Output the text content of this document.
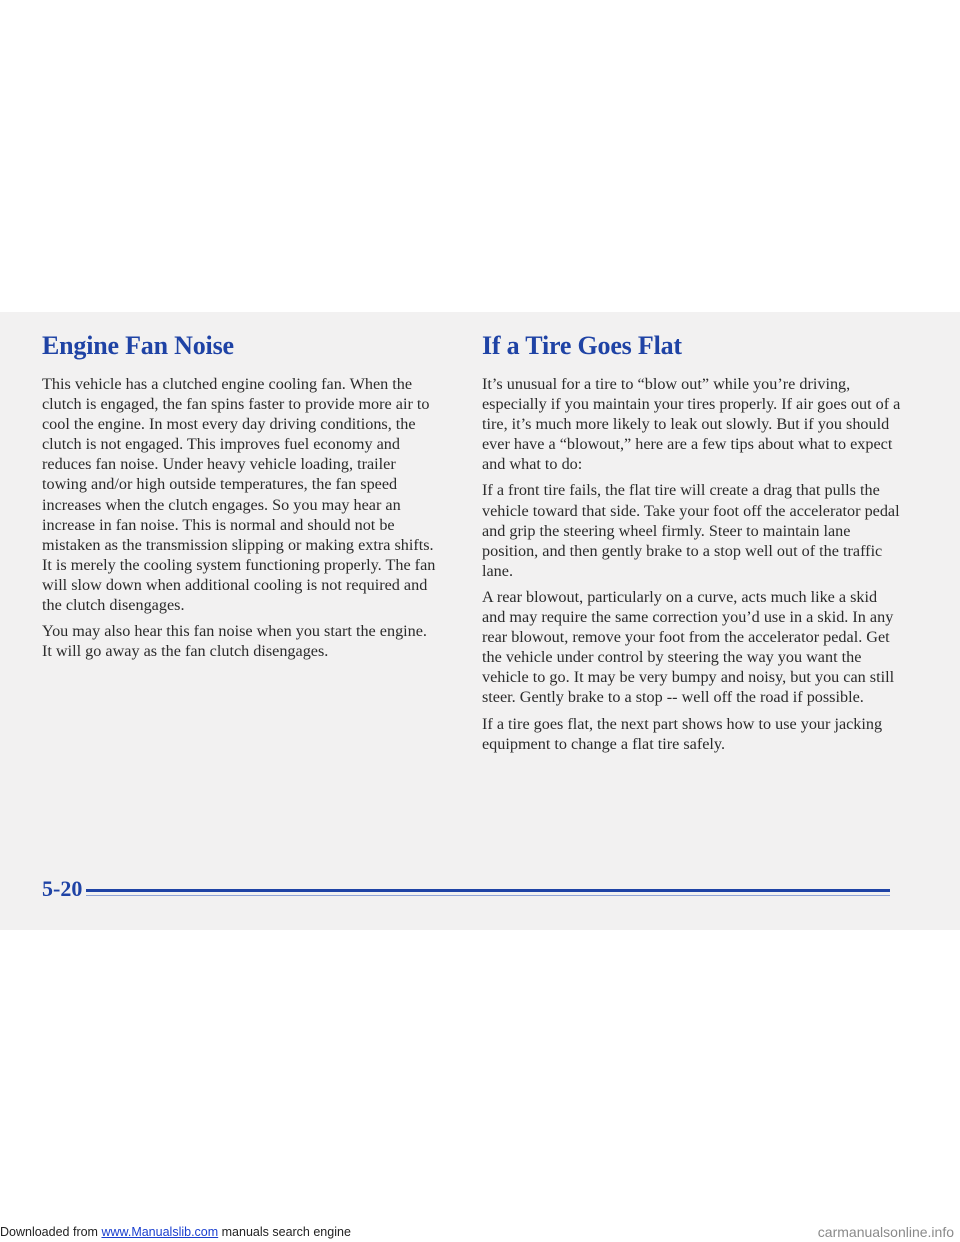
Engine Fan Noise

This vehicle has a clutched engine cooling fan. When the clutch is engaged, the fan spins faster to provide more air to cool the engine. In most every day driving conditions, the clutch is not engaged. This improves fuel economy and reduces fan noise. Under heavy vehicle loading, trailer towing and/or high outside temperatures, the fan speed increases when the clutch engages. So you may hear an increase in fan noise. This is normal and should not be mistaken as the transmission slipping or making extra shifts. It is merely the cooling system functioning properly. The fan will slow down when additional cooling is not required and the clutch disengages.

You may also hear this fan noise when you start the engine. It will go away as the fan clutch disengages.

If a Tire Goes Flat

It’s unusual for a tire to “blow out” while you’re driving, especially if you maintain your tires properly. If air goes out of a tire, it’s much more likely to leak out slowly. But if you should ever have a “blowout,” here are a few tips about what to expect and what to do:

If a front tire fails, the flat tire will create a drag that pulls the vehicle toward that side. Take your foot off the accelerator pedal and grip the steering wheel firmly. Steer to maintain lane position, and then gently brake to a stop well out of the traffic lane.

A rear blowout, particularly on a curve, acts much like a skid and may require the same correction you’d use in a skid. In any rear blowout, remove your foot from the accelerator pedal. Get the vehicle under control by steering the way you want the vehicle to go. It may be very bumpy and noisy, but you can still steer. Gently brake to a stop -- well off the road if possible.

If a tire goes flat, the next part shows how to use your jacking equipment to change a flat tire safely.

5-20
Downloaded from www.Manualslib.com manuals search engine	carmanualsonline.info
